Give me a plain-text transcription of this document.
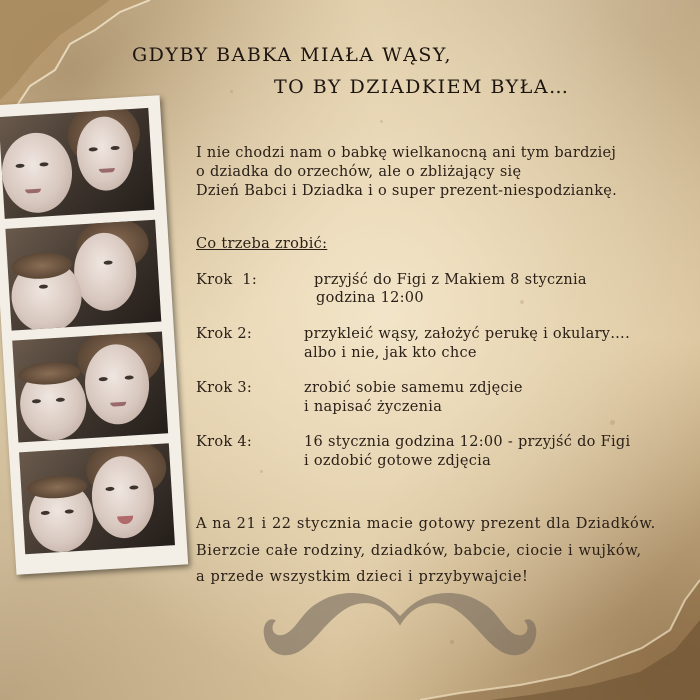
GDYBY BABKA MIAŁA WĄSY,
TO BY DZIADKIEM BYŁA…
I nie chodzi nam o babkę wielkanocną ani tym bardziej
o dziadka do orzechów, ale o zbliżający się
Dzień Babci i Dziadka i o super prezent-niespodziankę.
Co trzeba zrobić:
Krok  1:	przyjść do Figi z Makiem 8 stycznia
godzina 12:00
Krok 2:	przykleić wąsy, założyć perukę i okulary….
albo i nie, jak kto chce
Krok 3:	zrobić sobie samemu zdjęcie
i napisać życzenia
Krok 4:	16 stycznia godzina 12:00 - przyjść do Figi
i ozdobić gotowe zdjęcia
A na 21 i 22 stycznia macie gotowy prezent dla Dziadków.
Bierzcie całe rodziny, dziadków, babcie, ciocie i wujków,
a przede wszystkim dzieci i przybywajcie!
